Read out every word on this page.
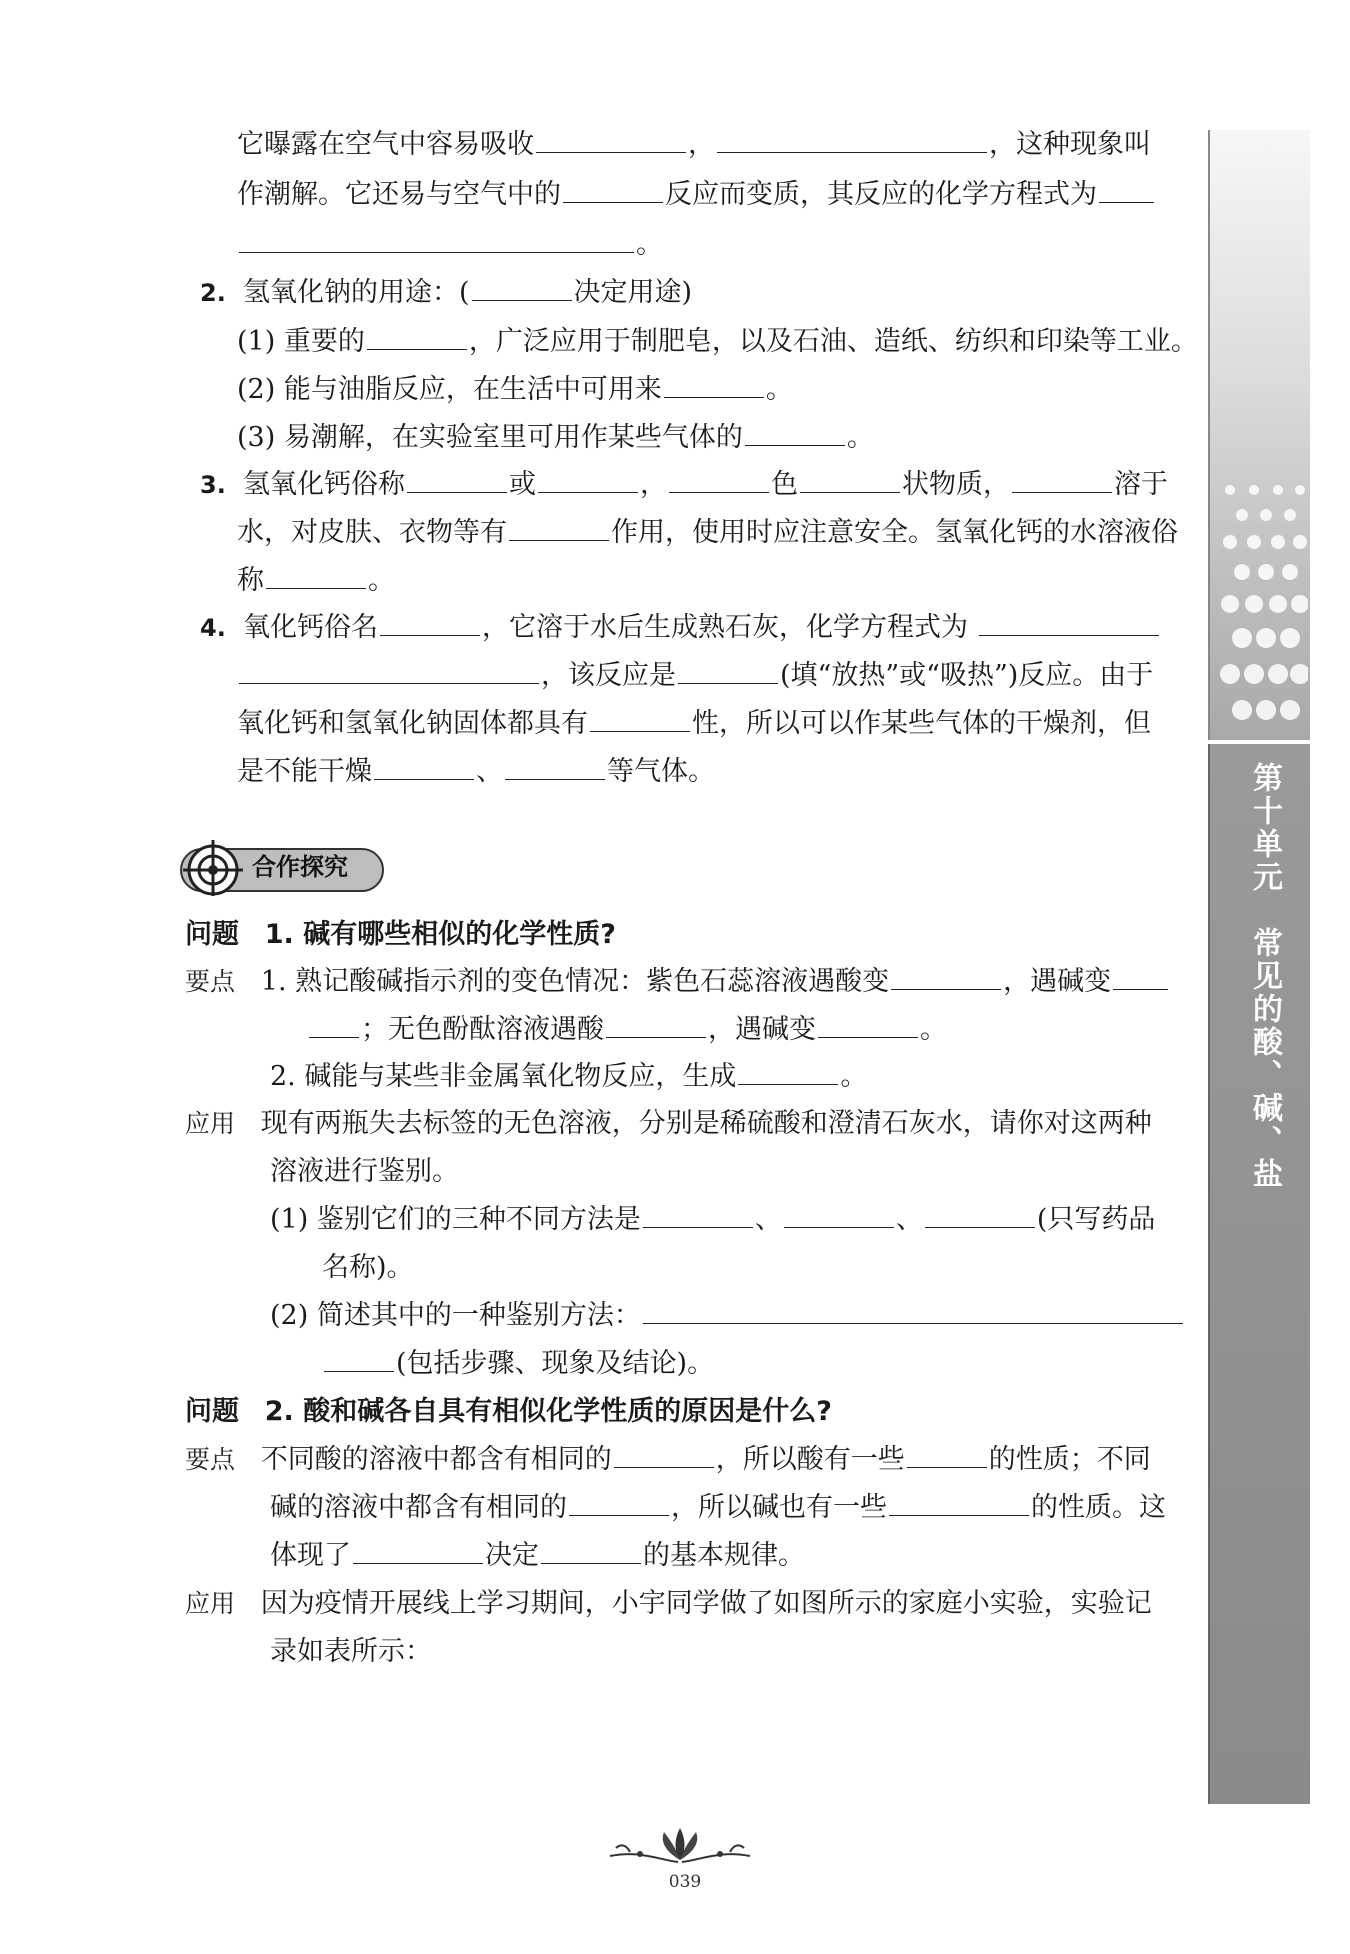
第十单元　常见的酸、碱、盐
它曝露在空气中容易吸收	，	，这种现象叫
作潮解。它还易与空气中的	反应而变质，其反应的化学方程式为
。
2. 氢氧化钠的用途：(	决定用途)
(1) 重要的	，广泛应用于制肥皂，以及石油、造纸、纺织和印染等工业。
(2) 能与油脂反应，在生活中可用来	。
(3) 易潮解，在实验室里可用作某些气体的	。
3. 氢氧化钙俗称	或	，	色	状物质，	溶于
水，对皮肤、衣物等有	作用，使用时应注意安全。氢氧化钙的水溶液俗
称	。
4. 氧化钙俗名	，它溶于水后生成熟石灰，化学方程式为
，该反应是	(填“放热”或“吸热”)反应。由于
氧化钙和氢氧化钠固体都具有	性，所以可以作某些气体的干燥剂，但
是不能干燥	、	等气体。
合作探究
问题 1. 碱有哪些相似的化学性质?
要点 1. 熟记酸碱指示剂的变色情况：紫色石蕊溶液遇酸变	，遇碱变
；无色酚酞溶液遇酸	，遇碱变	。
2. 碱能与某些非金属氧化物反应，生成	。
应用 现有两瓶失去标签的无色溶液，分别是稀硫酸和澄清石灰水，请你对这两种
溶液进行鉴别。
(1) 鉴别它们的三种不同方法是	、	、	(只写药品
名称)。
(2) 简述其中的一种鉴别方法：
(包括步骤、现象及结论)。
问题 2. 酸和碱各自具有相似化学性质的原因是什么?
要点 不同酸的溶液中都含有相同的	，所以酸有一些	的性质；不同
碱的溶液中都含有相同的	，所以碱也有一些	的性质。这
体现了	决定	的基本规律。
应用 因为疫情开展线上学习期间，小宇同学做了如图所示的家庭小实验，实验记
录如表所示：
039
